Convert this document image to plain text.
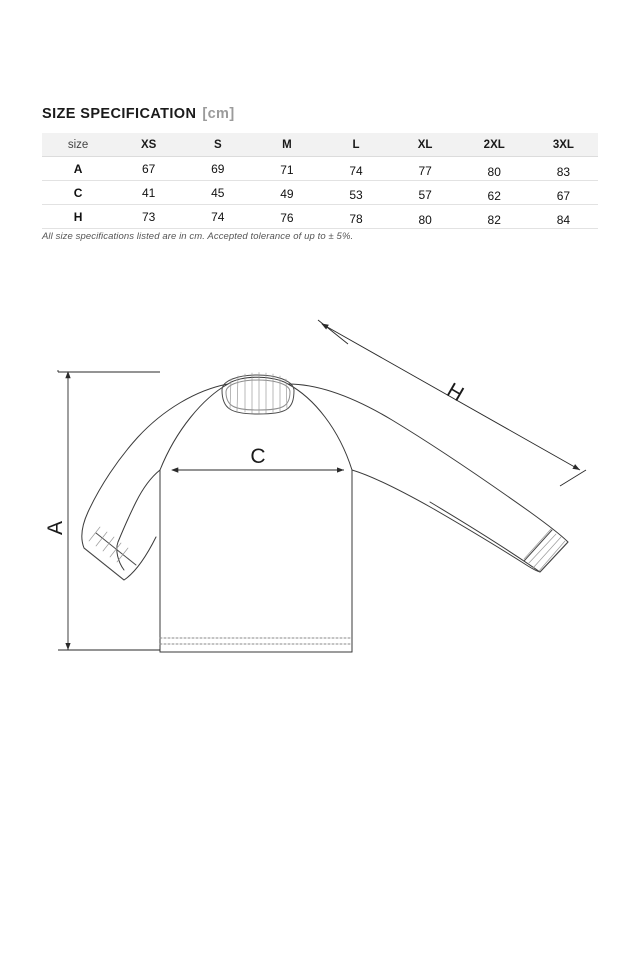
SIZE SPECIFICATION [cm]
size	XS	S	M	L	XL	2XL	3XL
A	67	69	71	74	77	80	83
C	41	45	49	53	57	62	67
H	73	74	76	78	80	82	84
All size specifications listed are in cm. Accepted tolerance of up to ± 5%.
A
C
H
